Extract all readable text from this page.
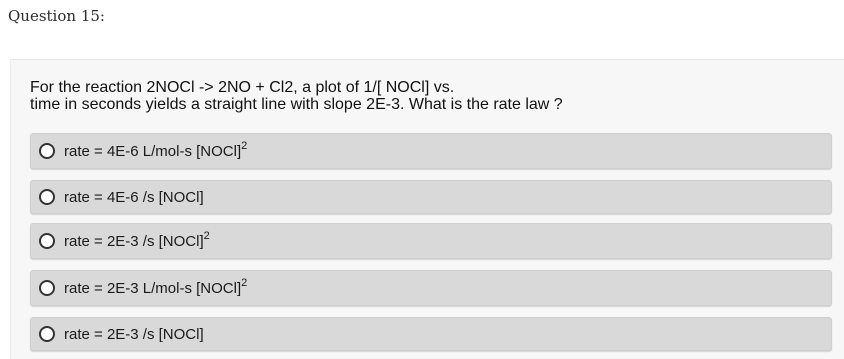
Question 15:
For the reaction 2NOCl -> 2NO + Cl2, a plot of 1/[ NOCl] vs.
time in seconds yields a straight line with slope 2E-3. What is the rate law ?
rate = 4E-6 L/mol-s [NOCl]$^2$
rate = 4E-6 /s [NOCl]
rate = 2E-3 /s [NOCl]$^2$
rate = 2E-3 L/mol-s [NOCl]$^2$
rate = 2E-3 /s [NOCl]
